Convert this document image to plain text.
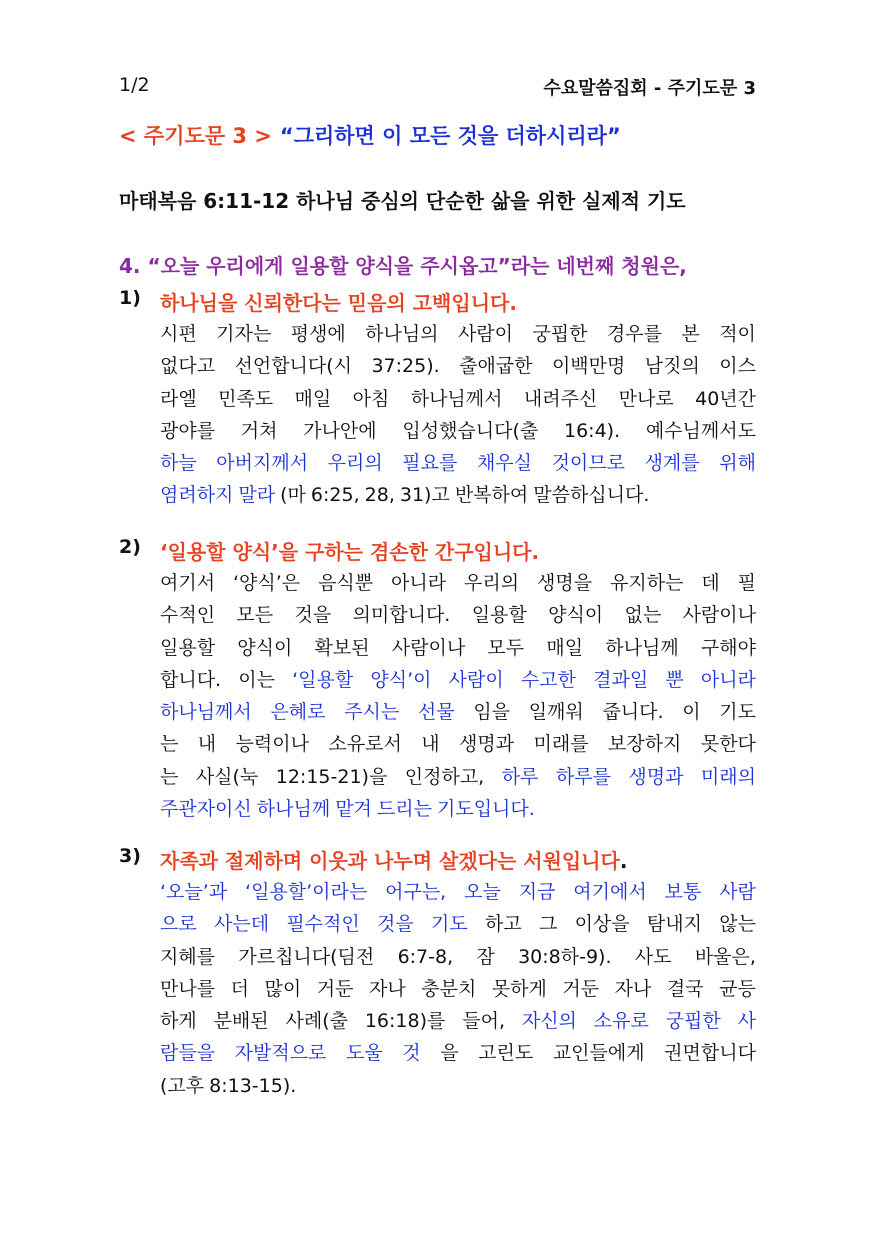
1/2	수요말씀집회 - 주기도문 3
< 주기도문 3 > “그리하면 이 모든 것을 더하시리라”
마태복음 6:11-12 하나님 중심의 단순한 삶을 위한 실제적 기도
4. “오늘 우리에게 일용할 양식을 주시옵고”라는 네번째 청원은,
1) 하나님을 신뢰한다는 믿음의 고백입니다.
시편 기자는 평생에 하나님의 사람이 궁핍한 경우를 본 적이
없다고 선언합니다(시 37:25). 출애굽한 이백만명 남짓의 이스
라엘 민족도 매일 아침 하나님께서 내려주신 만나로 40년간
광야를 거쳐 가나안에 입성했습니다(출 16:4). 예수님께서도
하늘 아버지께서 우리의 필요를 채우실 것이므로 생계를 위해
염려하지 말라 (마 6:25, 28, 31)고 반복하여 말씀하십니다.
2) ‘일용할 양식’을 구하는 겸손한 간구입니다.
여기서 ‘양식’은 음식뿐 아니라 우리의 생명을 유지하는 데 필
수적인 모든 것을 의미합니다. 일용할 양식이 없는 사람이나
일용할 양식이 확보된 사람이나 모두 매일 하나님께 구해야
합니다. 이는 ‘일용할 양식’이 사람이 수고한 결과일 뿐 아니라
하나님께서 은혜로 주시는 선물 임을 일깨워 줍니다. 이 기도
는 내 능력이나 소유로서 내 생명과 미래를 보장하지 못한다
는 사실(눅 12:15-21)을 인정하고, 하루 하루를 생명과 미래의
주관자이신 하나님께 맡겨 드리는 기도입니다.
3) 자족과 절제하며 이웃과 나누며 살겠다는 서원입니다.
‘오늘’과 ‘일용할’이라는 어구는, 오늘 지금 여기에서 보통 사람
으로 사는데 필수적인 것을 기도 하고 그 이상을 탐내지 않는
지혜를 가르칩니다(딤전 6:7-8, 잠 30:8하-9). 사도 바울은,
만나를 더 많이 거둔 자나 충분치 못하게 거둔 자나 결국 균등
하게 분배된 사례(출 16:18)를 들어, 자신의 소유로 궁핍한 사
람들을 자발적으로 도울 것 을 고린도 교인들에게 권면합니다
(고후 8:13-15).
